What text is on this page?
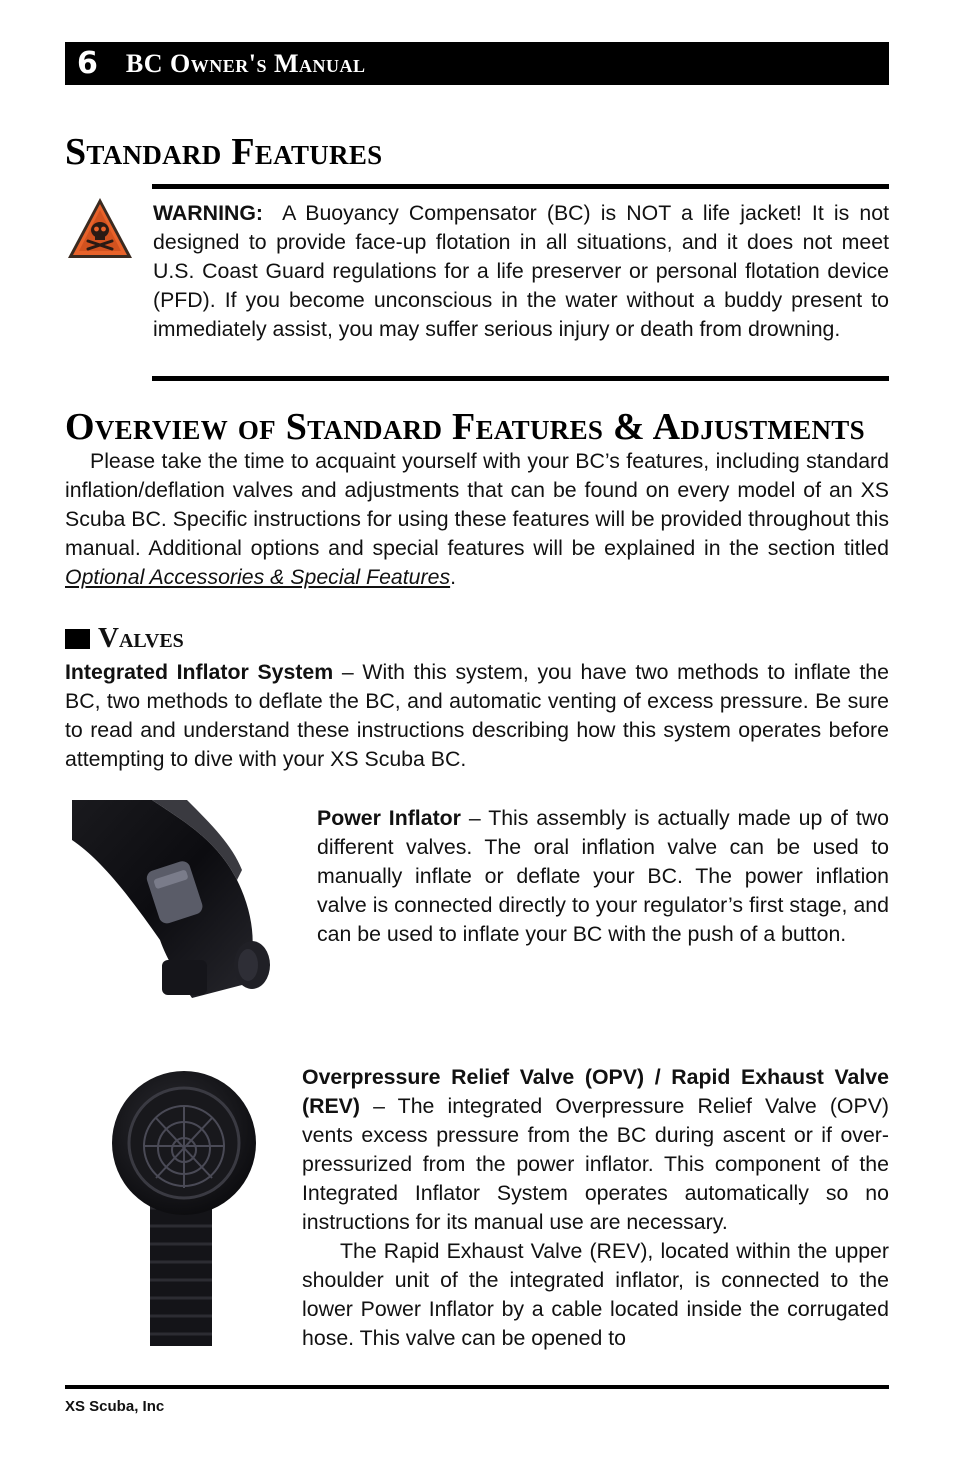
6 BC Owner's Manual
Standard Features

WARNING: A Buoyancy Compensator (BC) is NOT a life jacket! It is not designed to provide face-up flotation in all situations, and it does not meet U.S. Coast Guard regulations for a life preserver or personal flotation device (PFD). If you become unconscious in the water without a buddy present to immediately assist, you may suffer serious injury or death from drowning.

Overview of Standard Features & Adjustments

Please take the time to acquaint yourself with your BC’s features, including standard inflation/deflation valves and adjustments that can be found on every model of an XS Scuba BC. Specific instructions for using these features will be provided throughout this manual. Additional options and special features will be explained in the section titled Optional Accessories & Special Features.

Valves

Integrated Inflator System – With this system, you have two methods to inflate the BC, two methods to deflate the BC, and automatic venting of excess pressure. Be sure to read and understand these instructions describing how this system operates before attempting to dive with your XS Scuba BC.

Power Inflator – This assembly is actually made up of two different valves. The oral inflation valve can be used to manually inflate or deflate your BC. The power inflation valve is connected directly to your regulator’s first stage, and can be used to inflate your BC with the push of a button.

Overpressure Relief Valve (OPV) / Rapid Exhaust Valve (REV) – The integrated Overpressure Relief Valve (OPV) vents excess pressure from the BC during ascent or if over-pressurized from the power inflator. This component of the Integrated Inflator System operates automatically so no instructions for its manual use are necessary.

The Rapid Exhaust Valve (REV), located within the upper shoulder unit of the integrated inflator, is connected to the lower Power Inflator by a cable located inside the corrugated hose. This valve can be opened to

XS Scuba, Inc
